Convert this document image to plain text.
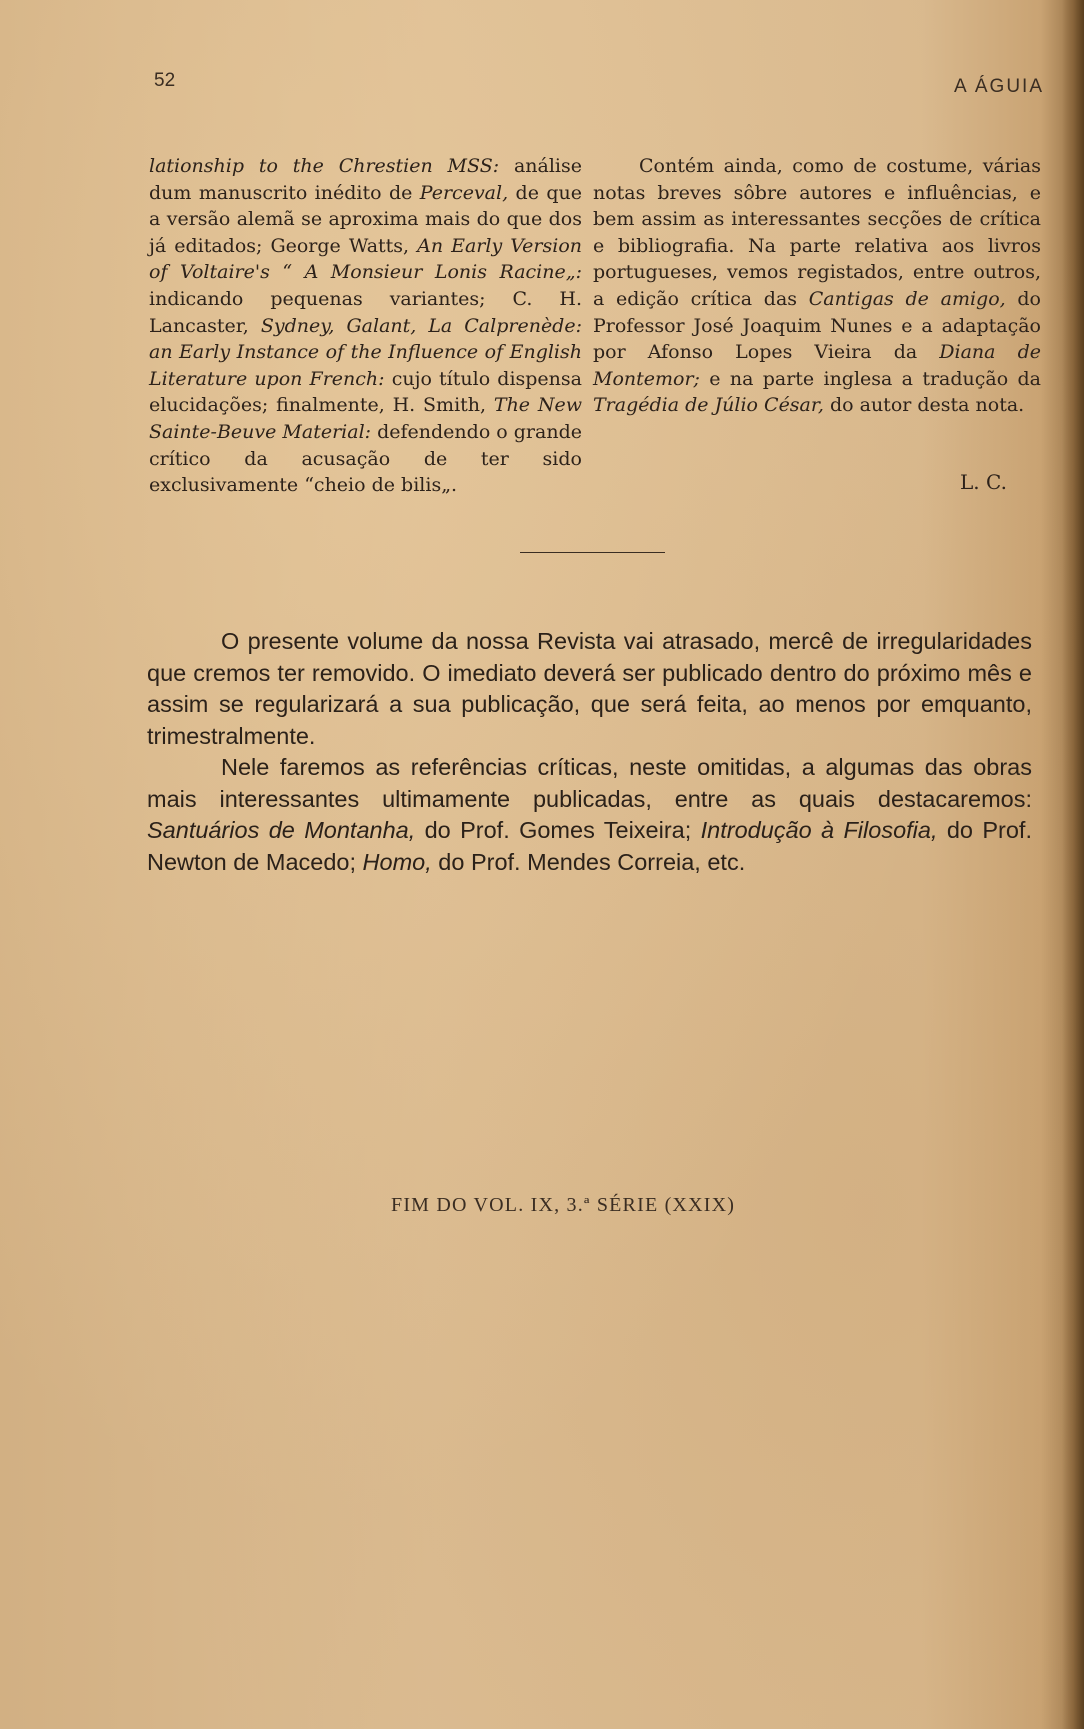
52	A ÁGUIA

lationship to the Chrestien MSS: análise dum manuscrito inédito de Perceval, de que a versão alemã se aproxima mais do que dos já editados; George Watts, An Early Version of Voltaire's “ A Monsieur Lonis Racine„: indicando pequenas variantes; C. H. Lancaster, Sydney, Galant, La Calprenède: an Early Instance of the Influence of English Literature upon French: cujo título dispensa elucidações; finalmente, H. Smith, The New Sainte-Beuve Material: defendendo o grande crítico da acusação de ter sido exclusivamente “cheio de bilis„.

Contém ainda, como de costume, várias notas breves sôbre autores e influências, e bem assim as interessantes secções de crítica e bibliografia. Na parte relativa aos livros portugueses, vemos registados, entre outros, a edição crítica das Cantigas de amigo, do Professor José Joaquim Nunes e a adaptação por Afonso Lopes Vieira da Diana de Montemor; e na parte inglesa a tradução da Tragédia de Júlio César, do autor desta nota.

L. C.

O presente volume da nossa Revista vai atrasado, mercê de irregularidades que cremos ter removido. O imediato deverá ser publicado dentro do próximo mês e assim se regularizará a sua publicação, que será feita, ao menos por emquanto, trimestralmente.

Nele faremos as referências críticas, neste omitidas, a algumas das obras mais interessantes ultimamente publicadas, entre as quais destacaremos: Santuários de Montanha, do Prof. Gomes Teixeira; Introdução à Filosofia, do Prof. Newton de Macedo; Homo, do Prof. Mendes Correia, etc.

FIM DO VOL. IX, 3.ª SÉRIE (XXIX)
